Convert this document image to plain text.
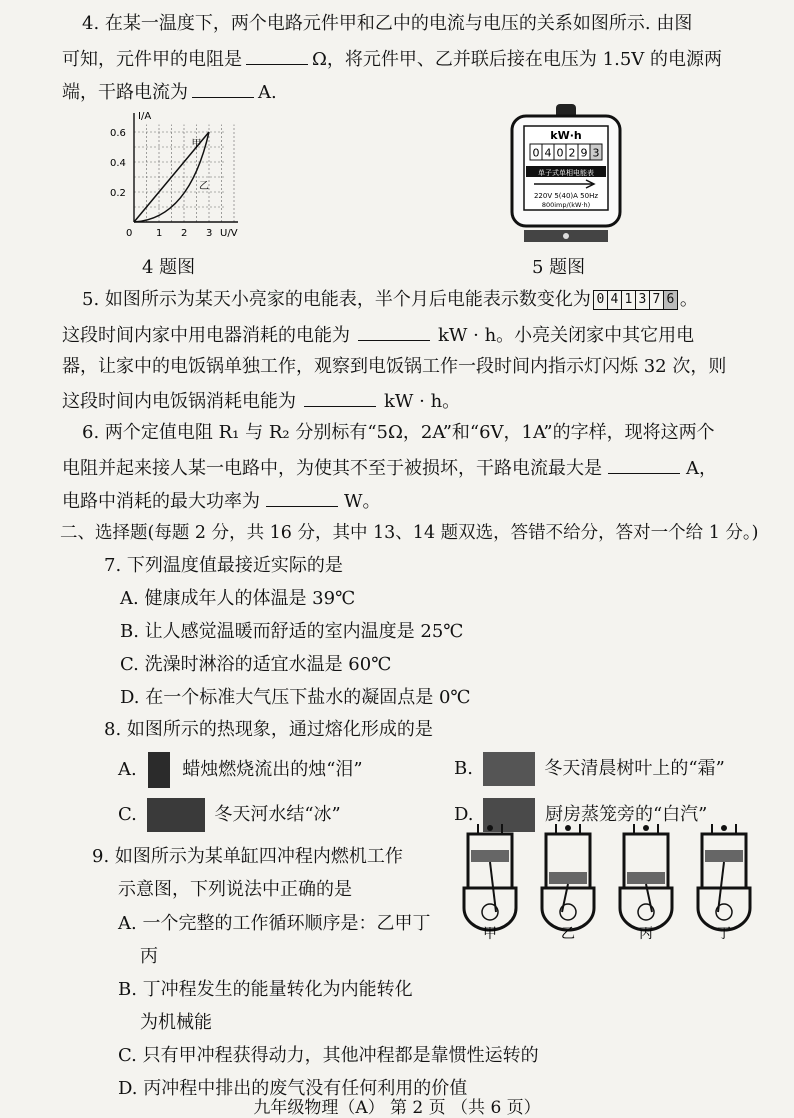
4. 在某一温度下，两个电路元件甲和乙中的电流与电压的关系如图所示. 由图
可知，元件甲的电阻是	Ω，将元件甲、乙并联后接在电压为 1.5V 的电源两
端，干路电流为	A.
I/A
U/V
0
0.2
0.4
0.6
1 2 3
甲
乙
4 题图
kW·h
0 4 0 2 9 3
单子式单相电能表
220V 5(40)A 50Hz
800imp/(kW·h)
5 题图
5. 如图所示为某天小亮家的电能表，半个月后电能表示数变化为 0 4 1 3 7 6 。
这段时间内家中用电器消耗的电能为	kW · h。小亮关闭家中其它用电
器，让家中的电饭锅单独工作，观察到电饭锅工作一段时间内指示灯闪烁 32 次，则
这段时间内电饭锅消耗电能为	kW · h。
6. 两个定值电阻 R₁ 与 R₂ 分别标有“5Ω，2A”和“6V，1A”的字样，现将这两个
电阻并起来接人某一电路中，为使其不至于被损坏，干路电流最大是	A，
电路中消耗的最大功率为	W。
二、选择题(每题 2 分，共 16 分，其中 13、14 题双选，答错不给分，答对一个给 1 分。)
7. 下列温度值最接近实际的是
A. 健康成年人的体温是 39℃
B. 让人感觉温暖而舒适的室内温度是 25℃
C. 洗澡时淋浴的适宜水温是 60℃
D. 在一个标准大气压下盐水的凝固点是 0℃
8. 如图所示的热现象，通过熔化形成的是
A.	蜡烛燃烧流出的烛“泪”	B.	冬天清晨树叶上的“霜”
C.	冬天河水结“冰”	D.	厨房蒸笼旁的“白汽”
9. 如图所示为某单缸四冲程内燃机工作
示意图，下列说法中正确的是
A. 一个完整的工作循环顺序是：乙甲丁
丙
B. 丁冲程发生的能量转化为内能转化
为机械能
C. 只有甲冲程获得动力，其他冲程都是靠惯性运转的
D. 丙冲程中排出的废气没有任何利用的价值
甲	乙	丙	丁
九年级物理（A） 第 2 页 （共 6 页）
